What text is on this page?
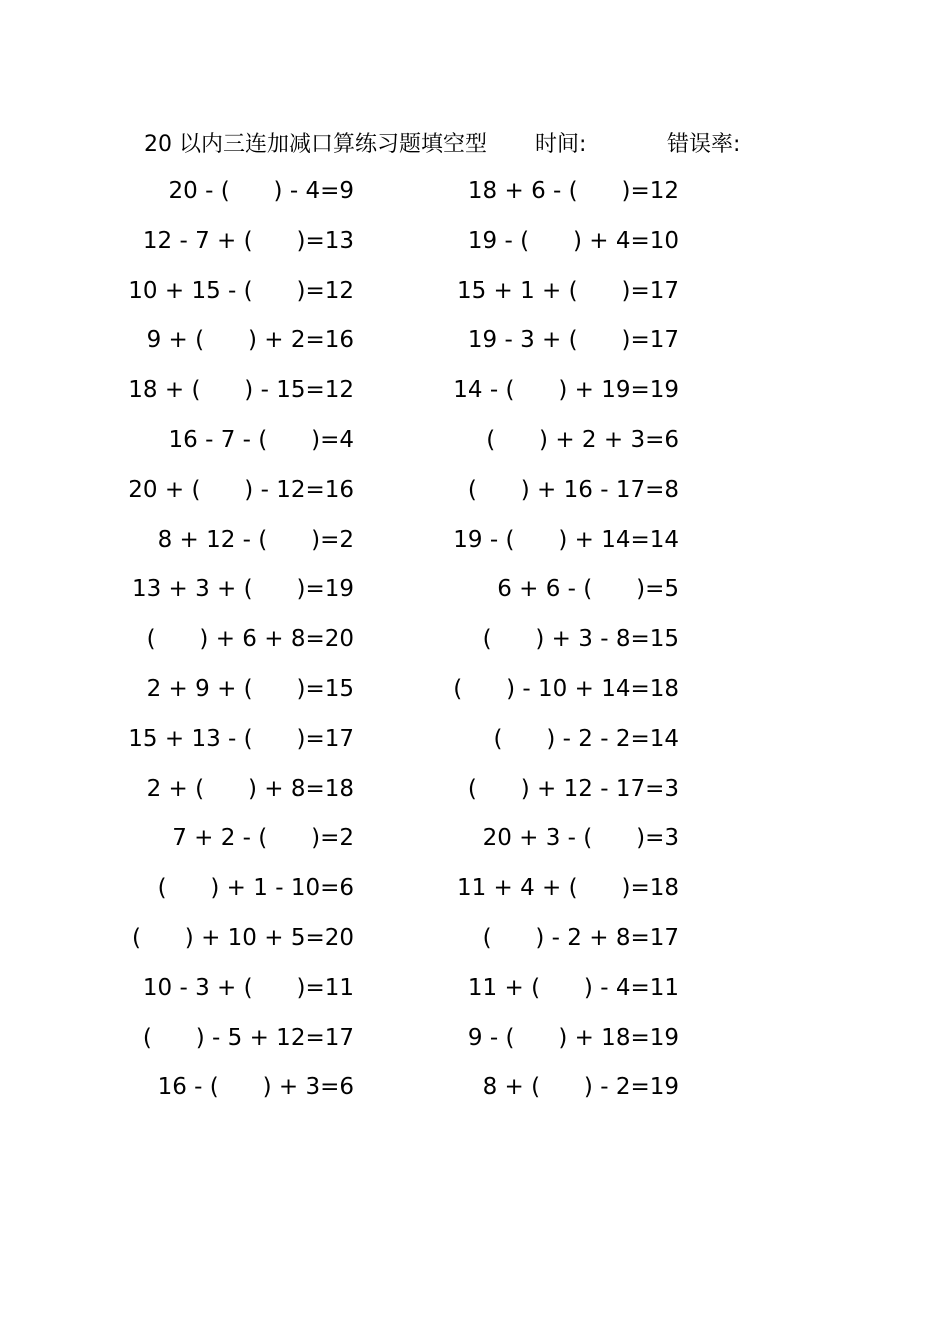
20 以内三连加减口算练习题填空型 时间:	错误率:
20 - (      ) - 4=9	18 + 6 - (      )=12
12 - 7 + (      )=13	19 - (      ) + 4=10
10 + 15 - (      )=12	15 + 1 + (      )=17
9 + (      ) + 2=16	19 - 3 + (      )=17
18 + (      ) - 15=12	14 - (      ) + 19=19
16 - 7 - (      )=4	(      ) + 2 + 3=6
20 + (      ) - 12=16	(      ) + 16 - 17=8
8 + 12 - (      )=2	19 - (      ) + 14=14
13 + 3 + (      )=19	6 + 6 - (      )=5
(      ) + 6 + 8=20	(      ) + 3 - 8=15
2 + 9 + (      )=15	(      ) - 10 + 14=18
15 + 13 - (      )=17	(      ) - 2 - 2=14
2 + (      ) + 8=18	(      ) + 12 - 17=3
7 + 2 - (      )=2	20 + 3 - (      )=3
(      ) + 1 - 10=6	11 + 4 + (      )=18
(      ) + 10 + 5=20	(      ) - 2 + 8=17
10 - 3 + (      )=11	11 + (      ) - 4=11
(      ) - 5 + 12=17	9 - (      ) + 18=19
16 - (      ) + 3=6	8 + (      ) - 2=19
